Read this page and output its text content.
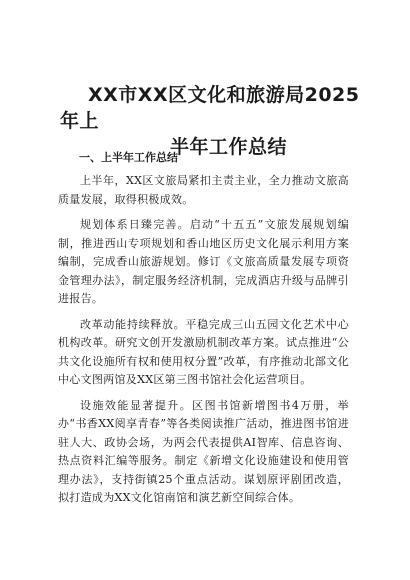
XX市XX区文化和旅游局2025年上
半年工作总结
一、上半年工作总结

上半年，XX区文旅局紧扣主责主业，全力推动文旅高质量发展，取得积极成效。

规划体系日臻完善。启动“十五五”文旅发展规划编制，推进西山专项规划和香山地区历史文化展示利用方案编制，完成香山旅游规划。修订《文旅高质量发展专项资金管理办法》，制定服务经济机制，完成酒店升级与品牌引进报告。

改革动能持续释放。平稳完成三山五园文化艺术中心机构改革。研究文创开发激励机制改革方案。试点推进“公共文化设施所有权和使用权分置”改革，有序推动北部文化中心文图两馆及XX区第三图书馆社会化运营项目。

设施效能显著提升。区图书馆新增图书4万册，举办“书香XX阅享青春”等各类阅读推广活动，推进图书馆进驻人大、政协会场，为两会代表提供AI智库、信息咨询、热点资料汇编等服务。制定《新增文化设施建设和使用管理办法》，支持街镇25个重点活动。谋划原评剧团改造，拟打造成为XX文化馆南馆和演艺新空间综合体。
